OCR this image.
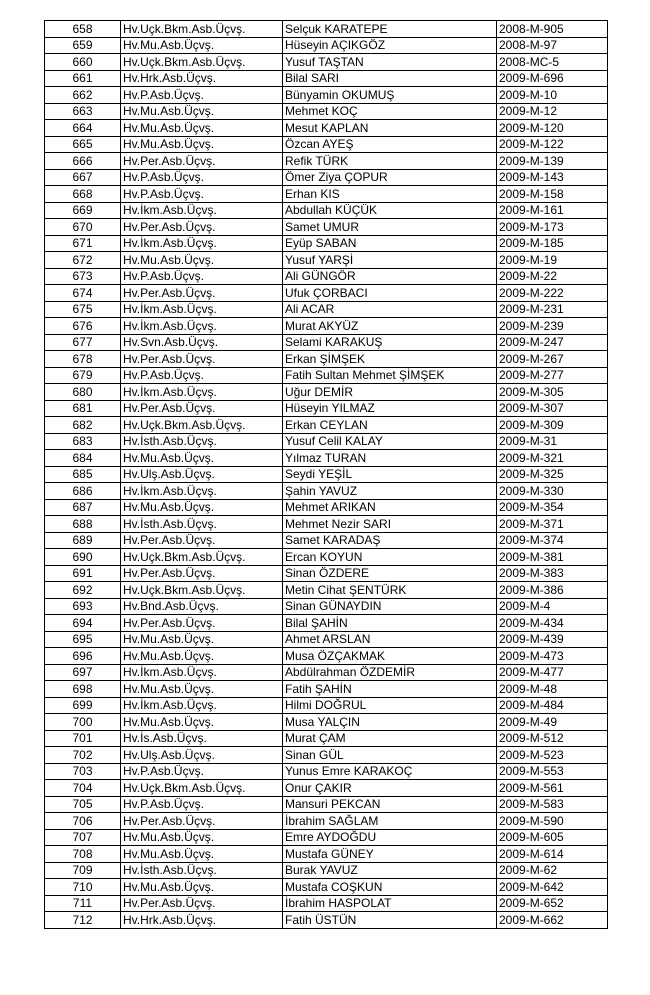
658	Hv.Uçk.Bkm.Asb.Üçvş.	Selçuk KARATEPE	2008-M-905
659	Hv.Mu.Asb.Üçvş.	Hüseyin AÇIKGÖZ	2008-M-97
660	Hv.Uçk.Bkm.Asb.Üçvş.	Yusuf TAŞTAN	2008-MC-5
661	Hv.Hrk.Asb.Üçvş.	Bilal SARI	2009-M-696
662	Hv.P.Asb.Üçvş.	Bünyamin OKUMUŞ	2009-M-10
663	Hv.Mu.Asb.Üçvş.	Mehmet KOÇ	2009-M-12
664	Hv.Mu.Asb.Üçvş.	Mesut KAPLAN	2009-M-120
665	Hv.Mu.Asb.Üçvş.	Özcan AYEŞ	2009-M-122
666	Hv.Per.Asb.Üçvş.	Refik TÜRK	2009-M-139
667	Hv.P.Asb.Üçvş.	Ömer Ziya ÇOPUR	2009-M-143
668	Hv.P.Asb.Üçvş.	Erhan KIS	2009-M-158
669	Hv.İkm.Asb.Üçvş.	Abdullah KÜÇÜK	2009-M-161
670	Hv.Per.Asb.Üçvş.	Samet UMUR	2009-M-173
671	Hv.İkm.Asb.Üçvş.	Eyüp SABAN	2009-M-185
672	Hv.Mu.Asb.Üçvş.	Yusuf YARŞİ	2009-M-19
673	Hv.P.Asb.Üçvş.	Ali GÜNGÖR	2009-M-22
674	Hv.Per.Asb.Üçvş.	Ufuk ÇORBACI	2009-M-222
675	Hv.İkm.Asb.Üçvş.	Ali ACAR	2009-M-231
676	Hv.İkm.Asb.Üçvş.	Murat AKYÜZ	2009-M-239
677	Hv.Svn.Asb.Üçvş.	Selami KARAKUŞ	2009-M-247
678	Hv.Per.Asb.Üçvş.	Erkan ŞİMŞEK	2009-M-267
679	Hv.P.Asb.Üçvş.	Fatih Sultan Mehmet ŞİMŞEK	2009-M-277
680	Hv.İkm.Asb.Üçvş.	Uğur DEMİR	2009-M-305
681	Hv.Per.Asb.Üçvş.	Hüseyin YILMAZ	2009-M-307
682	Hv.Uçk.Bkm.Asb.Üçvş.	Erkan CEYLAN	2009-M-309
683	Hv.İsth.Asb.Üçvş.	Yusuf Celil KALAY	2009-M-31
684	Hv.Mu.Asb.Üçvş.	Yılmaz TURAN	2009-M-321
685	Hv.Ulş.Asb.Üçvş.	Seydi YEŞİL	2009-M-325
686	Hv.İkm.Asb.Üçvş.	Şahin YAVUZ	2009-M-330
687	Hv.Mu.Asb.Üçvş.	Mehmet ARIKAN	2009-M-354
688	Hv.İsth.Asb.Üçvş.	Mehmet Nezir SARI	2009-M-371
689	Hv.Per.Asb.Üçvş.	Samet KARADAŞ	2009-M-374
690	Hv.Uçk.Bkm.Asb.Üçvş.	Ercan KOYUN	2009-M-381
691	Hv.Per.Asb.Üçvş.	Sinan ÖZDERE	2009-M-383
692	Hv.Uçk.Bkm.Asb.Üçvş.	Metin Cihat ŞENTÜRK	2009-M-386
693	Hv.Bnd.Asb.Üçvş.	Sinan GÜNAYDIN	2009-M-4
694	Hv.Per.Asb.Üçvş.	Bilal ŞAHİN	2009-M-434
695	Hv.Mu.Asb.Üçvş.	Ahmet ARSLAN	2009-M-439
696	Hv.Mu.Asb.Üçvş.	Musa ÖZÇAKMAK	2009-M-473
697	Hv.İkm.Asb.Üçvş.	Abdülrahman ÖZDEMİR	2009-M-477
698	Hv.Mu.Asb.Üçvş.	Fatih ŞAHİN	2009-M-48
699	Hv.İkm.Asb.Üçvş.	Hilmi DOĞRUL	2009-M-484
700	Hv.Mu.Asb.Üçvş.	Musa YALÇIN	2009-M-49
701	Hv.İs.Asb.Üçvş.	Murat ÇAM	2009-M-512
702	Hv.Ulş.Asb.Üçvş.	Sinan GÜL	2009-M-523
703	Hv.P.Asb.Üçvş.	Yunus Emre KARAKOÇ	2009-M-553
704	Hv.Uçk.Bkm.Asb.Üçvş.	Onur ÇAKIR	2009-M-561
705	Hv.P.Asb.Üçvş.	Mansuri PEKCAN	2009-M-583
706	Hv.Per.Asb.Üçvş.	İbrahim SAĞLAM	2009-M-590
707	Hv.Mu.Asb.Üçvş.	Emre AYDOĞDU	2009-M-605
708	Hv.Mu.Asb.Üçvş.	Mustafa GÜNEY	2009-M-614
709	Hv.İsth.Asb.Üçvş.	Burak YAVUZ	2009-M-62
710	Hv.Mu.Asb.Üçvş.	Mustafa COŞKUN	2009-M-642
711	Hv.Per.Asb.Üçvş.	İbrahim HASPOLAT	2009-M-652
712	Hv.Hrk.Asb.Üçvş.	Fatih ÜSTÜN	2009-M-662
